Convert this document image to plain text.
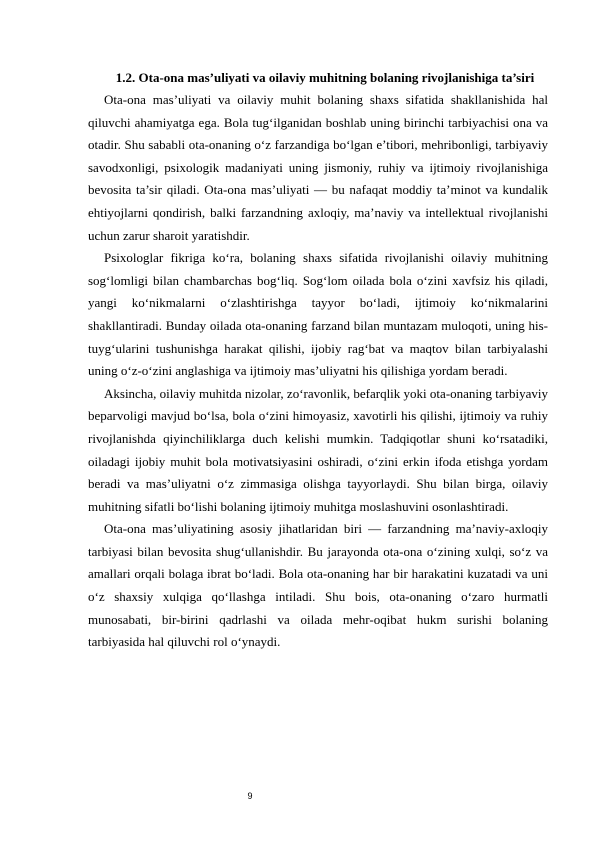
1.2. Ota-ona mas’uliyati va oilaviy muhitning bolaning rivojlanishiga ta’siri

Ota-ona mas’uliyati va oilaviy muhit bolaning shaxs sifatida shakllanishida hal qiluvchi ahamiyatga ega. Bola tug‘ilganidan boshlab uning birinchi tarbiyachisi ona va otadir. Shu sababli ota-onaning o‘z farzandiga bo‘lgan e’tibori, mehribonligi, tarbiyaviy savodxonligi, psixologik madaniyati uning jismoniy, ruhiy va ijtimoiy rivojlanishiga bevosita ta’sir qiladi. Ota-ona mas’uliyati — bu nafaqat moddiy ta’minot va kundalik ehtiyojlarni qondirish, balki farzandning axloqiy, ma’naviy va intellektual rivojlanishi uchun zarur sharoit yaratishdir.

Psixologlar fikriga ko‘ra, bolaning shaxs sifatida rivojlanishi oilaviy muhitning sog‘lomligi bilan chambarchas bog‘liq. Sog‘lom oilada bola o‘zini xavfsiz his qiladi, yangi ko‘nikmalarni o‘zlashtirishga tayyor bo‘ladi, ijtimoiy ko‘nikmalarini shakllantiradi. Bunday oilada ota-onaning farzand bilan muntazam muloqoti, uning his-tuyg‘ularini tushunishga harakat qilishi, ijobiy rag‘bat va maqtov bilan tarbiyalashi uning o‘z-o‘zini anglashiga va ijtimoiy mas’uliyatni his qilishiga yordam beradi.

Aksincha, oilaviy muhitda nizolar, zo‘ravonlik, befarqlik yoki ota-onaning tarbiyaviy beparvoligi mavjud bo‘lsa, bola o‘zini himoyasiz, xavotirli his qilishi, ijtimoiy va ruhiy rivojlanishda qiyinchiliklarga duch kelishi mumkin. Tadqiqotlar shuni ko‘rsatadiki, oiladagi ijobiy muhit bola motivatsiyasini oshiradi, o‘zini erkin ifoda etishga yordam beradi va mas’uliyatni o‘z zimmasiga olishga tayyorlaydi. Shu bilan birga, oilaviy muhitning sifatli bo‘lishi bolaning ijtimoiy muhitga moslashuvini osonlashtiradi.

Ota-ona mas’uliyatining asosiy jihatlaridan biri — farzandning ma’naviy-axloqiy tarbiyasi bilan bevosita shug‘ullanishdir. Bu jarayonda ota-ona o‘zining xulqi, so‘z va amallari orqali bolaga ibrat bo‘ladi. Bola ota-onaning har bir harakatini kuzatadi va uni o‘z shaxsiy xulqiga qo‘llashga intiladi. Shu bois, ota-onaning o‘zaro hurmatli munosabati, bir-birini qadrlashi va oilada mehr-oqibat hukm surishi bolaning tarbiyasida hal qiluvchi rol o‘ynaydi.

9
